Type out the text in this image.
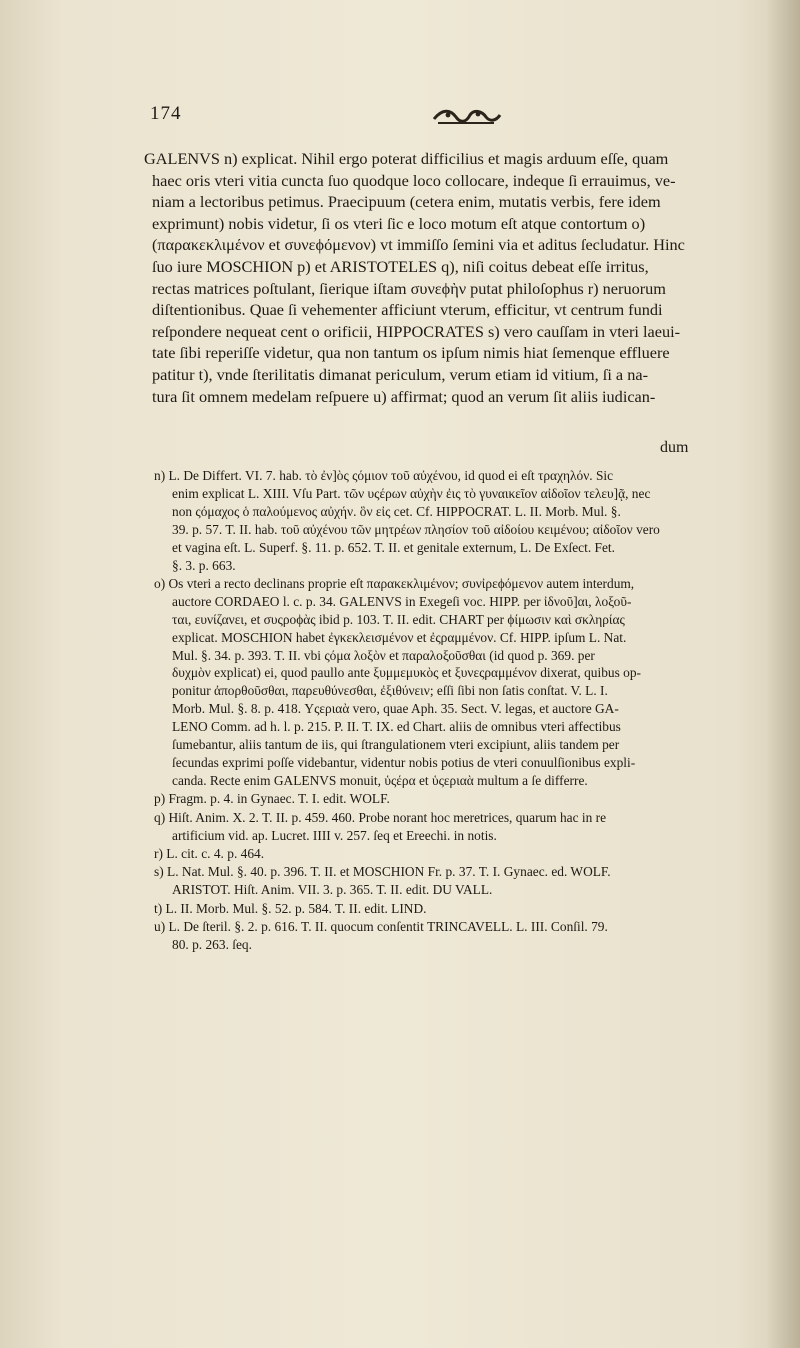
174
GALENVS n) explicat. Nihil ergo poterat difficilius et magis arduum eſſe, quam
haec oris vteri vitia cuncta ſuo quodque loco collocare, indeque ſi errauimus, ve-
niam a lectoribus petimus. Praecipuum (cetera enim, mutatis verbis, fere idem
exprimunt) nobis videtur, ſi os vteri ſic e loco motum eſt atque contortum o)
(παρακεκλιμένον et συνεϕόμενον) vt immiſſo ſemini via et aditus ſecludatur. Hinc
ſuo iure MOSCHION p) et ARISTOTELES q), niſi coitus debeat eſſe irritus,
rectas matrices poſtulant, ſierique iſtam συνεϕὴν putat philoſophus r) neruorum
diſtentionibus. Quae ſi vehementer afficiunt vterum, efficitur, vt centrum fundi
reſpondere nequeat cent o orificii, HIPPOCRATES s) vero cauſſam in vteri laeui-
tate ſibi reperiſſe videtur, qua non tantum os ipſum nimis hiat ſemenque effluere
patitur t), vnde ſterilitatis dimanat periculum, verum etiam id vitium, ſi a na-
tura ſit omnem medelam reſpuere u) affirmat; quod an verum ſit aliis iudican-
dum
n) L. De Differt. VI. 7. hab. τὸ ἐν]ὸς ςόμιον τοῦ αὐχένου, id quod ei eſt τραχηλόν. Sic
enim explicat L. XIII. Vſu Part. τῶν υςέρων αὐχὴν ἐις τὸ γυναικεῖον αἰδοῖον τελευ]ᾷ, nec
non ςόμαχος ὁ παλούμενος αὐχήν. ὃν εἰς cet. Cf. HIPPOCRAT. L. II. Morb. Mul. §.
39. p. 57. T. II. hab. τοῦ αὐχένου τῶν μητρέων πλησίον τοῦ αἰδοίου κειμένου; αἰδοῖον vero
et vagina eſt. L. Superf. §. 11. p. 652. T. II. et genitale externum, L. De Exſect. Fet.
§. 3. p. 663.
o) Os vteri a recto declinans proprie eſt παρακεκλιμένον; συνἰρεϕόμενον autem interdum,
auctore CORDAEO l. c. p. 34. GALENVS in Exegeſi voc. HIPP. per ἰδνοῦ]αι, λοξοῦ-
ται, ευνίζανει, et συςροϕὰς ibid p. 103. T. II. edit. CHART per ϕίμωσιν καὶ σκληρίας
explicat. MOSCHION habet ἐγκεκλεισμένον et ἐςραμμένον. Cf. HIPP. ipſum L. Nat.
Mul. §. 34. p. 393. T. II. vbi ςόμα λοξὸν et παραλοξοῦσθαι (id quod p. 369. per
δυχμὸν explicat) ei, quod paullo ante ξυμμεμυκὸς et ξυνεςραμμένον dixerat, quibus op-
ponitur ἀπορθοῦσθαι, παρευθύνεσθαι, ἐξιθύνειν; eſſi ſibi non ſatis conſtat. V. L. I.
Morb. Mul. §. 8. p. 418. Υςεριαὰ vero, quae Aph. 35. Sect. V. legas, et auctore GA-
LENO Comm. ad h. l. p. 215. P. II. T. IX. ed Chart. aliis de omnibus vteri affectibus
ſumebantur, aliis tantum de iis, qui ſtrangulationem vteri excipiunt, aliis tandem per
ſecundas exprimi poſſe videbantur, videntur nobis potius de vteri conuulſionibus expli-
canda. Recte enim GALENVS monuit, ὑςέρα et ὑςεριαὰ multum a ſe differre.
p) Fragm. p. 4. in Gynaec. T. I. edit. WOLF.
q) Hiſt. Anim. X. 2. T. II. p. 459. 460. Probe norant hoc meretrices, quarum hac in re
artificium vid. ap. Lucret. IIII v. 257. ſeq et Ereechi. in notis.
r) L. cit. c. 4. p. 464.
s) L. Nat. Mul. §. 40. p. 396. T. II. et MOSCHION Fr. p. 37. T. I. Gynaec. ed. WOLF.
ARISTOT. Hiſt. Anim. VII. 3. p. 365. T. II. edit. DU VALL.
t) L. II. Morb. Mul. §. 52. p. 584. T. II. edit. LIND.
u) L. De ſteril. §. 2. p. 616. T. II. quocum conſentit TRINCAVELL. L. III. Conſil. 79.
80. p. 263. ſeq.
